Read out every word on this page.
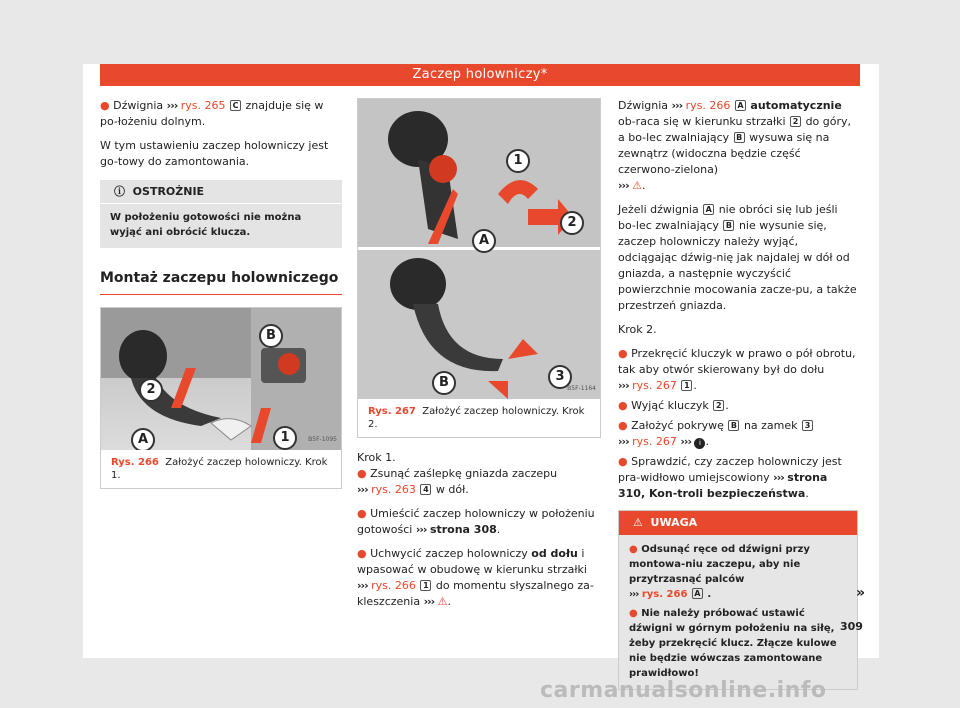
Zaczep holowniczy*

● Dźwignia ››› rys. 265 C znajduje się w po-łożeniu dolnym.

W tym ustawieniu zaczep holowniczy jest go-towy do zamontowania.

ⓘ OSTROŻNIE
W położeniu gotowości nie można wyjąć ani obrócić klucza.
Montaż zaczepu holowniczego
B
2
A	1	B5F-1095
Rys. 266 Założyć zaczep holowniczy. Krok 1.
1
2
A
B	3
B5F-1164
Rys. 267 Założyć zaczep holowniczy. Krok 2.
Krok 1.

● Zsunąć zaślepkę gniazda zaczepu
››› rys. 263 4 w dół.

● Umieścić zaczep holowniczy w położeniu gotowości ››› strona 308.

● Uchwycić zaczep holowniczy od dołu i wpasować w obudowę w kierunku strzałki
››› rys. 266 1 do momentu słyszalnego za-kleszczenia ››› ⚠.

Dźwignia ››› rys. 266 A automatycznie ob-raca się w kierunku strzałki 2 do góry, a bo-lec zwalniający B wysuwa się na zewnątrz (widoczna będzie część czerwono-zielona)
››› ⚠.

Jeżeli dźwignia A nie obróci się lub jeśli bo-lec zwalniający B nie wysunie się, zaczep holowniczy należy wyjąć, odciągając dźwig-nię jak najdalej w dół od gniazda, a następnie wyczyścić powierzchnie mocowania zacze-pu, a także przestrzeń gniazda.

Krok 2.

● Przekręcić kluczyk w prawo o pół obrotu, tak aby otwór skierowany był do dołu
››› rys. 267 1 .

● Wyjąć kluczyk 2 .

● Założyć pokrywę B na zamek 3
››› rys. 267 ››› i .

● Sprawdzić, czy zaczep holowniczy jest pra-widłowo umiejscowiony ››› strona 310, Kon-troli bezpieczeństwa.

⚠ UWAGA

● Odsunąć ręce od dźwigni przy montowa-niu zaczepu, aby nie przytrzasnąć palców
››› rys. 266 A .

● Nie należy próbować ustawić dźwigni w górnym położeniu na siłę, żeby przekręcić klucz. Złącze kulowe nie będzie wówczas zamontowane prawidłowo!

»
309
carmanualsonline.info
